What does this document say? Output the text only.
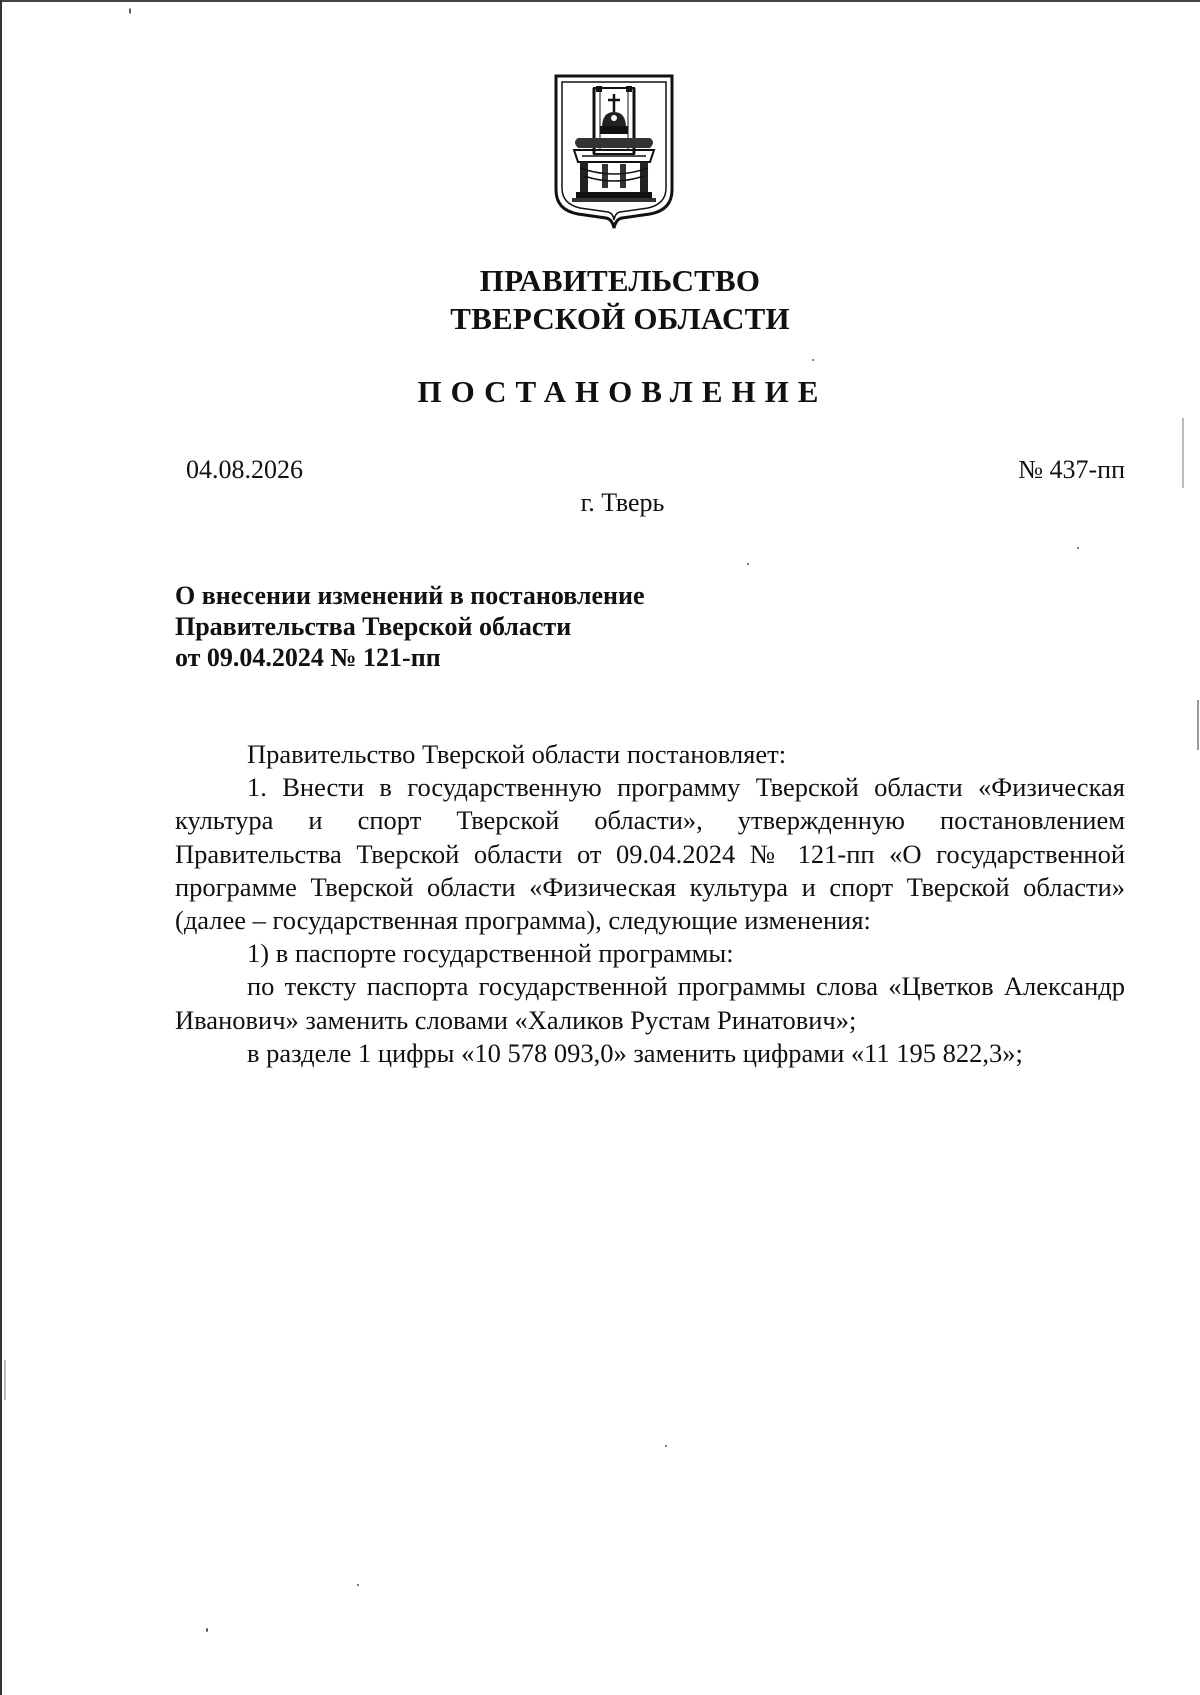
ПРАВИТЕЛЬСТВО
ТВЕРСКОЙ ОБЛАСТИ
ПОСТАНОВЛЕНИЕ
04.08.2026	№ 437-пп
г. Тверь
О внесении изменений в постановление
Правительства Тверской области
от 09.04.2024 № 121-пп

Правительство Тверской области постановляет:

1. Внести в государственную программу Тверской области «Физическая культура и спорт Тверской области», утвержденную постановлением Правительства Тверской области от 09.04.2024 № 121-пп «О государственной программе Тверской области «Физическая культура и спорт Тверской области» (далее – государственная программа), следующие изменения:

1) в паспорте государственной программы:

по тексту паспорта государственной программы слова «Цветков Александр Иванович» заменить словами «Халиков Рустам Ринатович»;

в разделе 1 цифры «10 578 093,0» заменить цифрами «11 195 822,3»;
